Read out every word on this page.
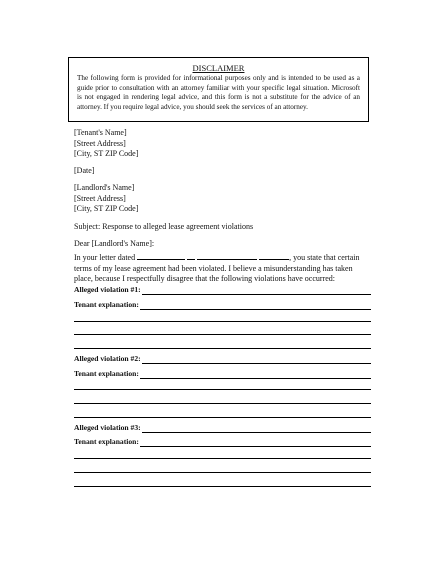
DISCLAIMER
The following form is provided for informational purposes only and is intended to be used as a guide prior to consultation with an attorney familiar with your specific legal situation. Microsoft is not engaged in rendering legal advice, and this form is not a substitute for the advice of an attorney. If you require legal advice, you should seek the services of an attorney.
[Tenant's Name]
[Street Address]
[City, ST ZIP Code]
[Date]
[Landlord's Name]
[Street Address]
[City, ST ZIP Code]
Subject: Response to alleged lease agreement violations
Dear [Landlord's Name]:
In your letter dated	, you state that certain terms of my lease agreement had been violated. I believe a misunderstanding has taken place, because I respectfully disagree that the following violations have occurred:
Alleged violation #1:
Tenant explanation:
Alleged violation #2:
Tenant explanation:
Alleged violation #3:
Tenant explanation:
